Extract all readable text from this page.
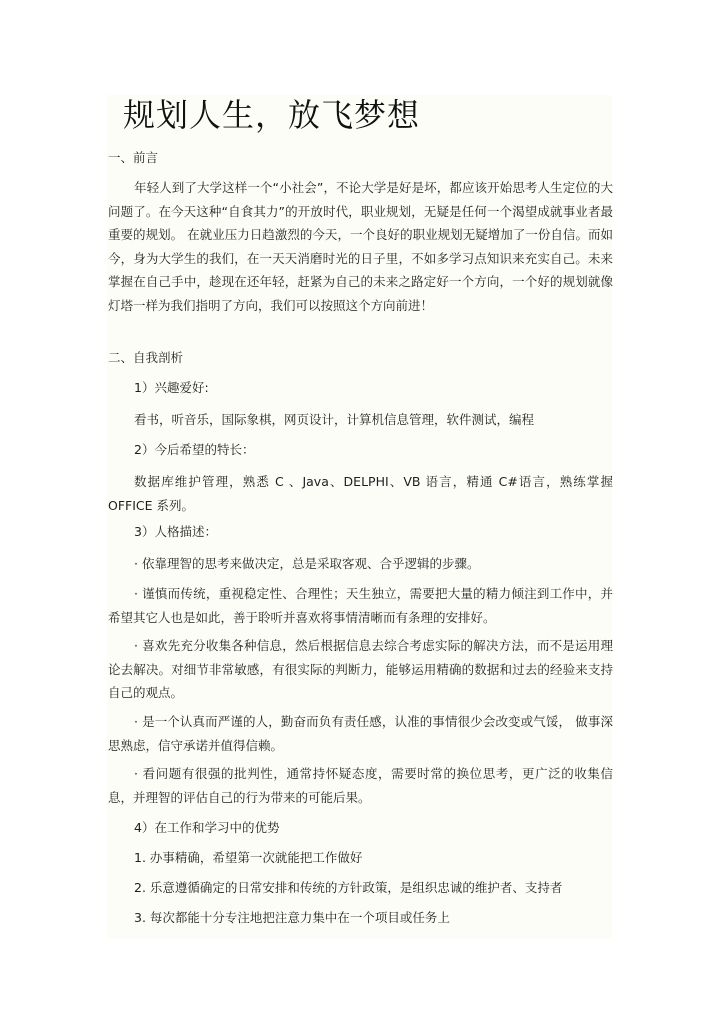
规划人生，放飞梦想
一、前言
年轻人到了大学这样一个“小社会”，不论大学是好是坏，都应该开始思考人生定位的大问题了。在今天这种“自食其力”的开放时代，职业规划，无疑是任何一个渴望成就事业者最重要的规划。 在就业压力日趋激烈的今天，一个良好的职业规划无疑增加了一份自信。而如今，身为大学生的我们，在一天天消磨时光的日子里，不如多学习点知识来充实自己。未来掌握在自己手中，趁现在还年轻，赶紧为自己的未来之路定好一个方向，一个好的规划就像灯塔一样为我们指明了方向，我们可以按照这个方向前进！
二、自我剖析
1）兴趣爱好:
看书，听音乐，国际象棋，网页设计，计算机信息管理，软件测试，编程
2）今后希望的特长：
数据库维护管理，熟悉 C 、Java、DELPHI、VB 语言，精通 C#语言，熟练掌握 OFFICE 系列。
3）人格描述：
· 依靠理智的思考来做决定，总是采取客观、合乎逻辑的步骤。
· 谨慎而传统，重视稳定性、合理性；天生独立，需要把大量的精力倾注到工作中，并希望其它人也是如此，善于聆听并喜欢将事情清晰而有条理的安排好。
· 喜欢先充分收集各种信息，然后根据信息去综合考虑实际的解决方法，而不是运用理论去解决。对细节非常敏感，有很实际的判断力，能够运用精确的数据和过去的经验来支持自己的观点。
· 是一个认真而严谨的人，勤奋而负有责任感，认准的事情很少会改变或气馁， 做事深思熟虑，信守承诺并值得信赖。
· 看问题有很强的批判性，通常持怀疑态度，需要时常的换位思考，更广泛的收集信息，并理智的评估自己的行为带来的可能后果。
4）在工作和学习中的优势
1. 办事精确，希望第一次就能把工作做好
2. 乐意遵循确定的日常安排和传统的方针政策，是组织忠诚的维护者、支持者
3. 每次都能十分专注地把注意力集中在一个项目或任务上
